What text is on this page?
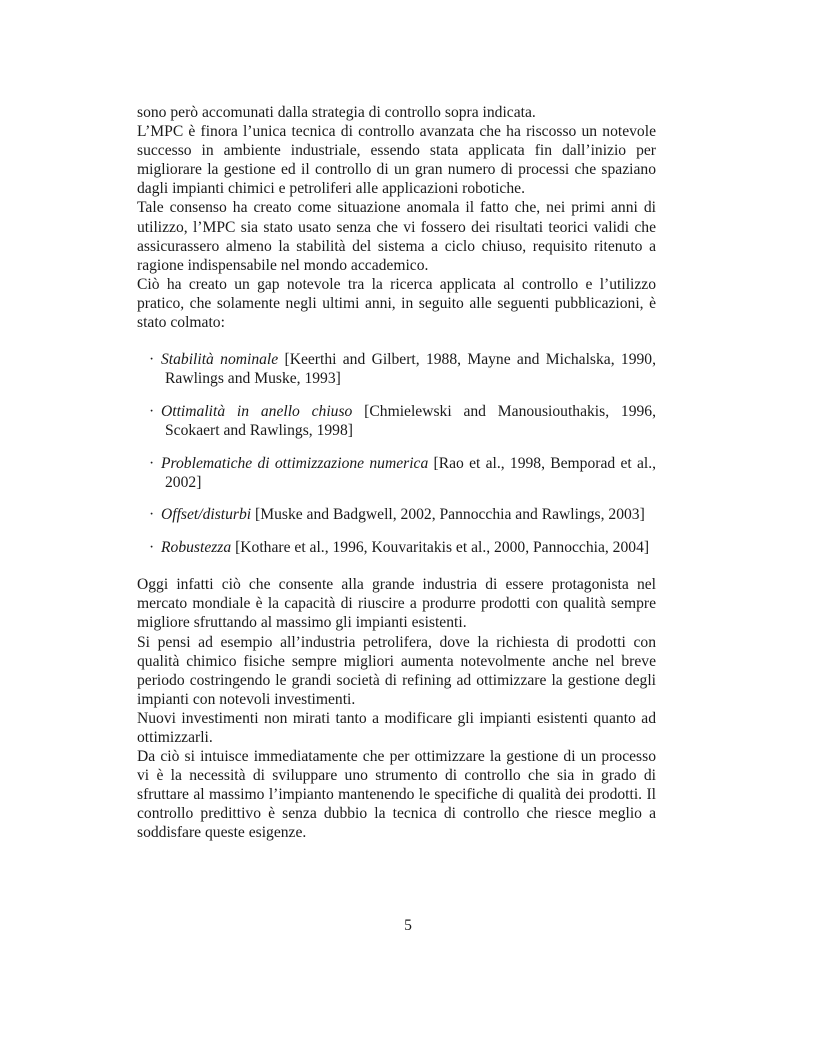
sono però accomunati dalla strategia di controllo sopra indicata.

L’MPC è finora l’unica tecnica di controllo avanzata che ha riscosso un notevole successo in ambiente industriale, essendo stata applicata fin dall’inizio per migliorare la gestione ed il controllo di un gran numero di processi che spaziano dagli impianti chimici e petroliferi alle applicazioni robotiche.

Tale consenso ha creato come situazione anomala il fatto che, nei primi anni di utilizzo, l’MPC sia stato usato senza che vi fossero dei risultati teorici validi che assicurassero almeno la stabilità del sistema a ciclo chiuso, requisito ritenuto a ragione indispensabile nel mondo accademico.

Ciò ha creato un gap notevole tra la ricerca applicata al controllo e l’utilizzo pratico, che solamente negli ultimi anni, in seguito alle seguenti pubblicazioni, è stato colmato:

· Stabilità nominale [Keerthi and Gilbert, 1988, Mayne and Michalska, 1990, Rawlings and Muske, 1993]
· Ottimalità in anello chiuso [Chmielewski and Manousiouthakis, 1996, Scokaert and Rawlings, 1998]
· Problematiche di ottimizzazione numerica [Rao et al., 1998, Bemporad et al., 2002]
· Offset/disturbi [Muske and Badgwell, 2002, Pannocchia and Rawlings, 2003]
· Robustezza [Kothare et al., 1996, Kouvaritakis et al., 2000, Pannocchia, 2004]

Oggi infatti ciò che consente alla grande industria di essere protagonista nel mercato mondiale è la capacità di riuscire a produrre prodotti con qualità sempre migliore sfruttando al massimo gli impianti esistenti.

Si pensi ad esempio all’industria petrolifera, dove la richiesta di prodotti con qualità chimico fisiche sempre migliori aumenta notevolmente anche nel breve periodo costringendo le grandi società di refining ad ottimizzare la gestione degli impianti con notevoli investimenti.

Nuovi investimenti non mirati tanto a modificare gli impianti esistenti quanto ad ottimizzarli.

Da ciò si intuisce immediatamente che per ottimizzare la gestione di un processo vi è la necessità di sviluppare uno strumento di controllo che sia in grado di sfruttare al massimo l’impianto mantenendo le specifiche di qualità dei prodotti. Il controllo predittivo è senza dubbio la tecnica di controllo che riesce meglio a soddisfare queste esigenze.

5
